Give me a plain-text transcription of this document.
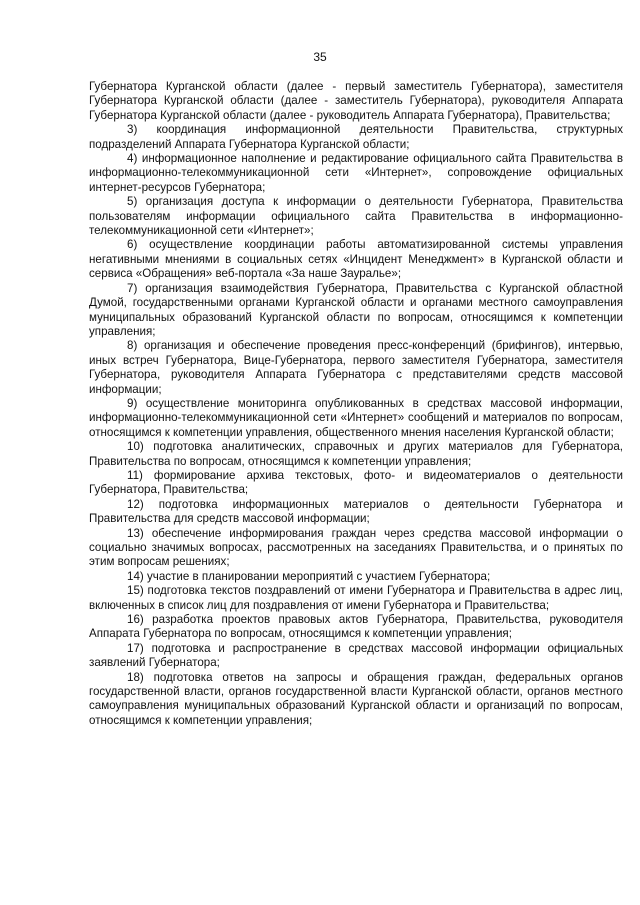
35

Губернатора Курганской области (далее - первый заместитель Губернатора), заместителя Губернатора Курганской области (далее - заместитель Губернатора), руководителя Аппарата Губернатора Курганской области (далее - руководитель Аппарата Губернатора), Правительства;

3) координация информационной деятельности Правительства, структурных подразделений Аппарата Губернатора Курганской области;

4) информационное наполнение и редактирование официального сайта Правительства в информационно-телекоммуникационной сети «Интернет», сопровождение официальных интернет-ресурсов Губернатора;

5) организация доступа к информации о деятельности Губернатора, Правительства пользователям информации официального сайта Правительства в информационно-телекоммуникационной сети «Интернет»;

6) осуществление координации работы автоматизированной системы управления негативными мнениями в социальных сетях «Инцидент Менеджмент» в Курганской области и сервиса «Обращения» веб-портала «За наше Зауралье»;

7) организация взаимодействия Губернатора, Правительства с Курганской областной Думой, государственными органами Курганской области и органами местного самоуправления муниципальных образований Курганской области по вопросам, относящимся к компетенции управления;

8) организация и обеспечение проведения пресс-конференций (брифингов), интервью, иных встреч Губернатора, Вице-Губернатора, первого заместителя Губернатора, заместителя Губернатора, руководителя Аппарата Губернатора с представителями средств массовой информации;

9) осуществление мониторинга опубликованных в средствах массовой информации, информационно-телекоммуникационной сети «Интернет» сообщений и материалов по вопросам, относящимся к компетенции управления, общественного мнения населения Курганской области;

10) подготовка аналитических, справочных и других материалов для Губернатора, Правительства по вопросам, относящимся к компетенции управления;

11) формирование архива текстовых, фото- и видеоматериалов о деятельности Губернатора, Правительства;

12) подготовка информационных материалов о деятельности Губернатора и Правительства для средств массовой информации;

13) обеспечение информирования граждан через средства массовой информации о социально значимых вопросах, рассмотренных на заседаниях Правительства, и о принятых по этим вопросам решениях;

14) участие в планировании мероприятий с участием Губернатора;

15) подготовка текстов поздравлений от имени Губернатора и Правительства в адрес лиц, включенных в список лиц для поздравления от имени Губернатора и Правительства;

16) разработка проектов правовых актов Губернатора, Правительства, руководителя Аппарата Губернатора по вопросам, относящимся к компетенции управления;

17) подготовка и распространение в средствах массовой информации официальных заявлений Губернатора;

18) подготовка ответов на запросы и обращения граждан, федеральных органов государственной власти, органов государственной власти Курганской области, органов местного самоуправления муниципальных образований Курганской области и организаций по вопросам, относящимся к компетенции управления;
